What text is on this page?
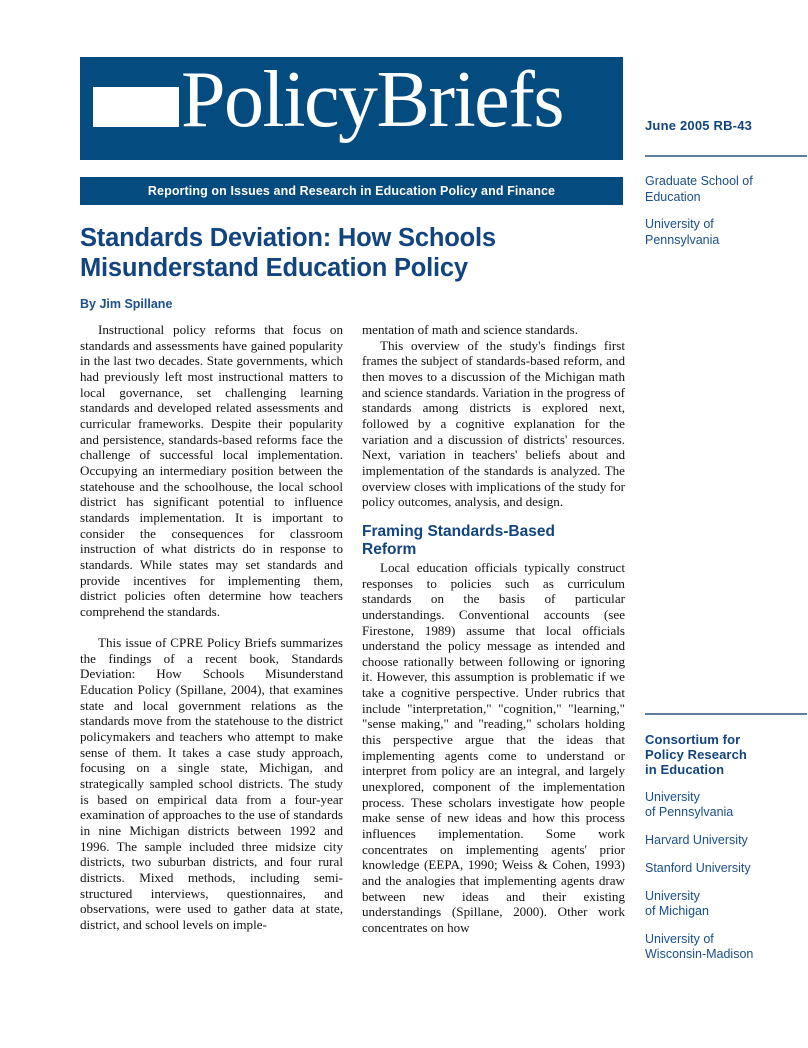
PolicyBriefs
Reporting on Issues and Research in Education Policy and Finance
June 2005 RB-43
Graduate School of
Education
University of
Pennsylvania
Consortium for
Policy Research
in Education
University
of Pennsylvania
Harvard University
Stanford University
University
of Michigan
University of
Wisconsin-Madison
Standards Deviation: How Schools Misunderstand Education Policy
By Jim Spillane

Instructional policy reforms that focus on standards and assessments have gained popularity in the last two decades. State governments, which had previously left most instructional matters to local governance, set challenging learning standards and developed related assessments and curricular frameworks. Despite their popularity and persistence, standards-based reforms face the challenge of successful local implementation. Occupying an intermediary position between the statehouse and the schoolhouse, the local school district has significant potential to influence standards implementation. It is important to consider the consequences for classroom instruction of what districts do in response to standards. While states may set standards and provide incentives for implementing them, district policies often determine how teachers comprehend the standards.

This issue of CPRE Policy Briefs summarizes the findings of a recent book, Standards Deviation: How Schools Misunderstand Education Policy (Spillane, 2004), that examines state and local government relations as the standards move from the statehouse to the district policymakers and teachers who attempt to make sense of them. It takes a case study approach, focusing on a single state, Michigan, and strategically sampled school districts. The study is based on empirical data from a four-year examination of approaches to the use of standards in nine Michigan districts between 1992 and 1996. The sample included three midsize city districts, two suburban districts, and four rural districts. Mixed methods, including semi-structured interviews, questionnaires, and observations, were used to gather data at state, district, and school levels on imple-

mentation of math and science standards.

This overview of the study's findings first frames the subject of standards-based reform, and then moves to a discussion of the Michigan math and science standards. Variation in the progress of standards among districts is explored next, followed by a cognitive explanation for the variation and a discussion of districts' resources. Next, variation in teachers' beliefs about and implementation of the standards is analyzed. The overview closes with implications of the study for policy outcomes, analysis, and design.

Framing Standards-Based
Reform

Local education officials typically construct responses to policies such as curriculum standards on the basis of particular understandings. Conventional accounts (see Firestone, 1989) assume that local officials understand the policy message as intended and choose rationally between following or ignoring it. However, this assumption is problematic if we take a cognitive perspective. Under rubrics that include "interpretation," "cognition," "learning," "sense making," and "reading," scholars holding this perspective argue that the ideas that implementing agents come to understand or interpret from policy are an integral, and largely unexplored, component of the implementation process. These scholars investigate how people make sense of new ideas and how this process influences implementation. Some work concentrates on implementing agents' prior knowledge (EEPA, 1990; Weiss & Cohen, 1993) and the analogies that implementing agents draw between new ideas and their existing understandings (Spillane, 2000). Other work concentrates on how
